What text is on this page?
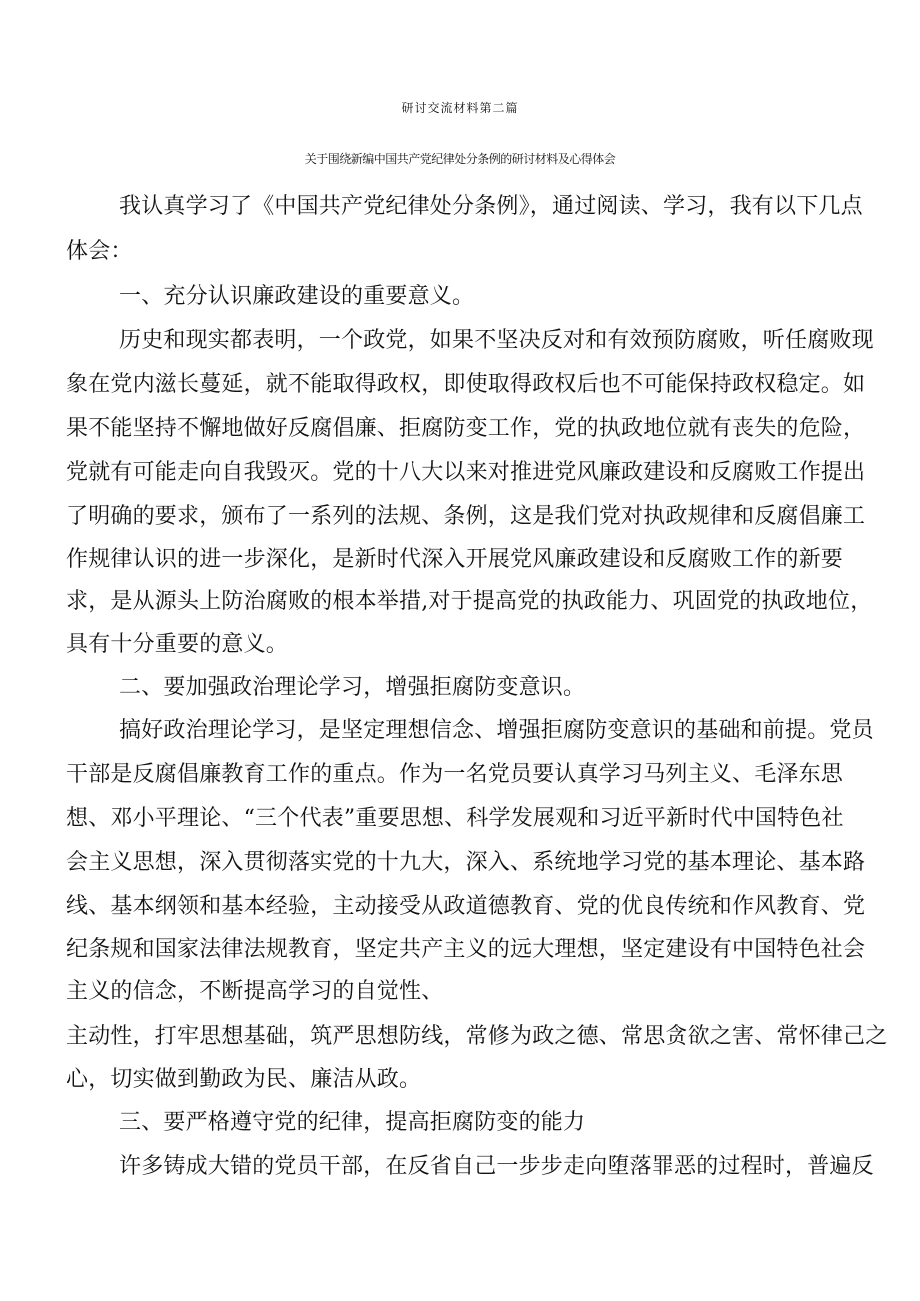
研讨交流材料第二篇
关于围绕新编中国共产党纪律处分条例的研讨材料及心得体会
我认真学习了《中国共产党纪律处分条例》，通过阅读、学习，我有以下几点
体会：
一、充分认识廉政建设的重要意义。
历史和现实都表明，一个政党，如果不坚决反对和有效预防腐败，听任腐败现
象在党内滋长蔓延，就不能取得政权，即使取得政权后也不可能保持政权稳定。如
果不能坚持不懈地做好反腐倡廉、拒腐防变工作，党的执政地位就有丧失的危险，
党就有可能走向自我毁灭。党的十八大以来对推进党风廉政建设和反腐败工作提出
了明确的要求，颁布了一系列的法规、条例，这是我们党对执政规律和反腐倡廉工
作规律认识的进一步深化，是新时代深入开展党风廉政建设和反腐败工作的新要
求，是从源头上防治腐败的根本举措,对于提高党的执政能力、巩固党的执政地位，
具有十分重要的意义。
二、要加强政治理论学习，增强拒腐防变意识。
搞好政治理论学习，是坚定理想信念、增强拒腐防变意识的基础和前提。党员
干部是反腐倡廉教育工作的重点。作为一名党员要认真学习马列主义、毛泽东思
想、邓小平理论、“三个代表”重要思想、科学发展观和习近平新时代中国特色社
会主义思想，深入贯彻落实党的十九大，深入、系统地学习党的基本理论、基本路
线、基本纲领和基本经验，主动接受从政道德教育、党的优良传统和作风教育、党
纪条规和国家法律法规教育，坚定共产主义的远大理想，坚定建设有中国特色社会
主义的信念，不断提高学习的自觉性、
主动性，打牢思想基础，筑严思想防线，常修为政之德、常思贪欲之害、常怀律己之
心，切实做到勤政为民、廉洁从政。
三、要严格遵守党的纪律，提高拒腐防变的能力
许多铸成大错的党员干部，在反省自己一步步走向堕落罪恶的过程时，普遍反
